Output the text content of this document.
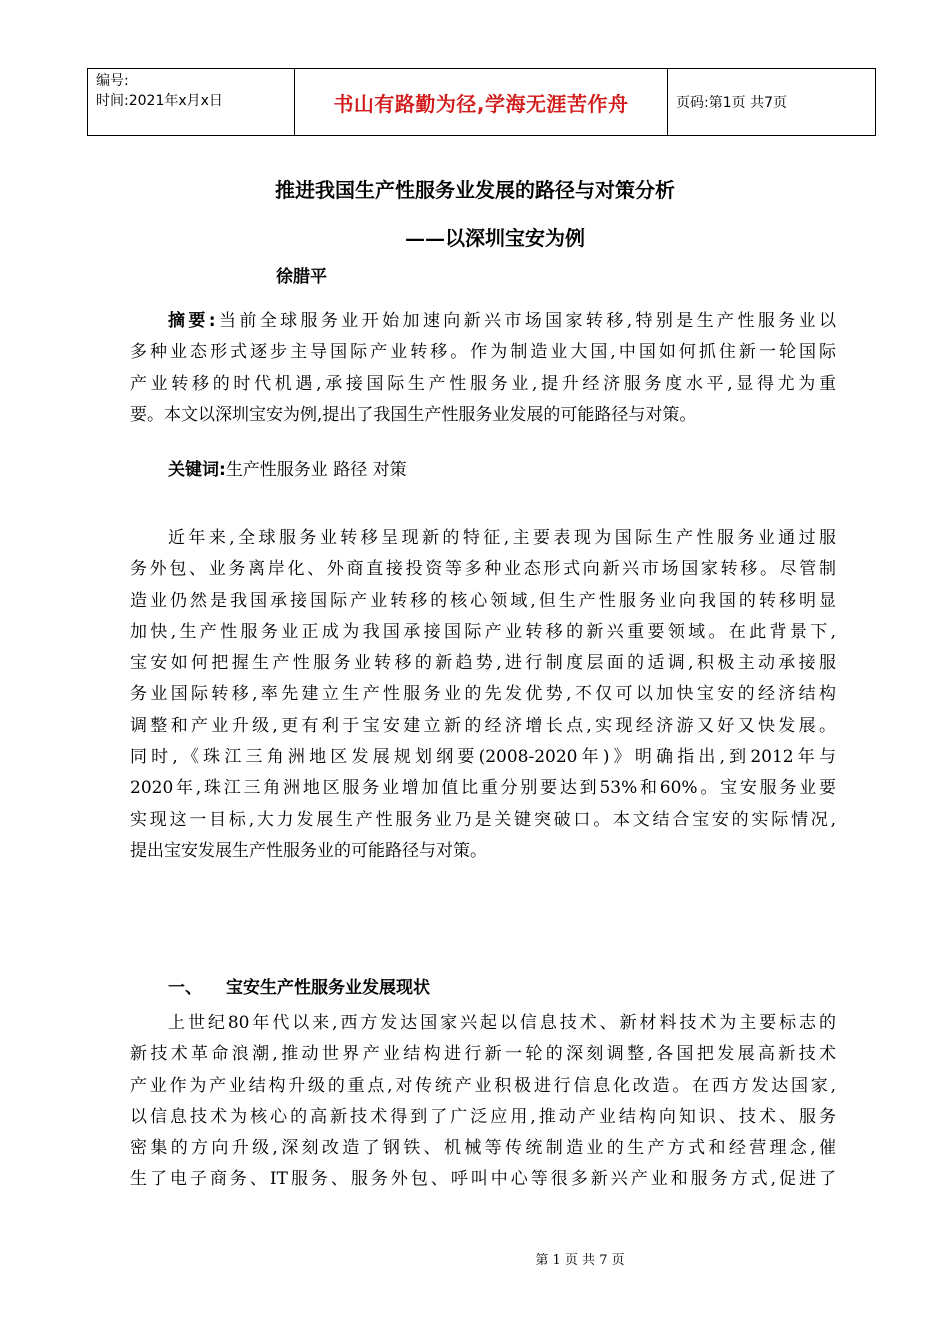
编号:
时间:2021年x月x日	书山有路勤为径,学海无涯苦作舟	页码:第1页 共7页
推进我国生产性服务业发展的路径与对策分析
——以深圳宝安为例
徐腊平
摘要:当前全球服务业开始加速向新兴市场国家转移,特别是生产性服务业以
多种业态形式逐步主导国际产业转移。作为制造业大国,中国如何抓住新一轮国际
产业转移的时代机遇,承接国际生产性服务业,提升经济服务度水平,显得尤为重
要。本文以深圳宝安为例,提出了我国生产性服务业发展的可能路径与对策。
关键词:生产性服务业 路径 对策
近年来,全球服务业转移呈现新的特征,主要表现为国际生产性服务业通过服
务外包、业务离岸化、外商直接投资等多种业态形式向新兴市场国家转移。尽管制
造业仍然是我国承接国际产业转移的核心领域,但生产性服务业向我国的转移明显
加快,生产性服务业正成为我国承接国际产业转移的新兴重要领域。在此背景下,
宝安如何把握生产性服务业转移的新趋势,进行制度层面的适调,积极主动承接服
务业国际转移,率先建立生产性服务业的先发优势,不仅可以加快宝安的经济结构
调整和产业升级,更有利于宝安建立新的经济增长点,实现经济游又好又快发展。
同时,《珠江三角洲地区发展规划纲要(2008-2020年)》明确指出,到2012年与
2020年,珠江三角洲地区服务业增加值比重分别要达到53%和60%。宝安服务业要
实现这一目标,大力发展生产性服务业乃是关键突破口。本文结合宝安的实际情况,
提出宝安发展生产性服务业的可能路径与对策。
一、 宝安生产性服务业发展现状
上世纪80年代以来,西方发达国家兴起以信息技术、新材料技术为主要标志的
新技术革命浪潮,推动世界产业结构进行新一轮的深刻调整,各国把发展高新技术
产业作为产业结构升级的重点,对传统产业积极进行信息化改造。在西方发达国家,
以信息技术为核心的高新技术得到了广泛应用,推动产业结构向知识、技术、服务
密集的方向升级,深刻改造了钢铁、机械等传统制造业的生产方式和经营理念,催
生了电子商务、IT服务、服务外包、呼叫中心等很多新兴产业和服务方式,促进了
第 1 页 共 7 页
